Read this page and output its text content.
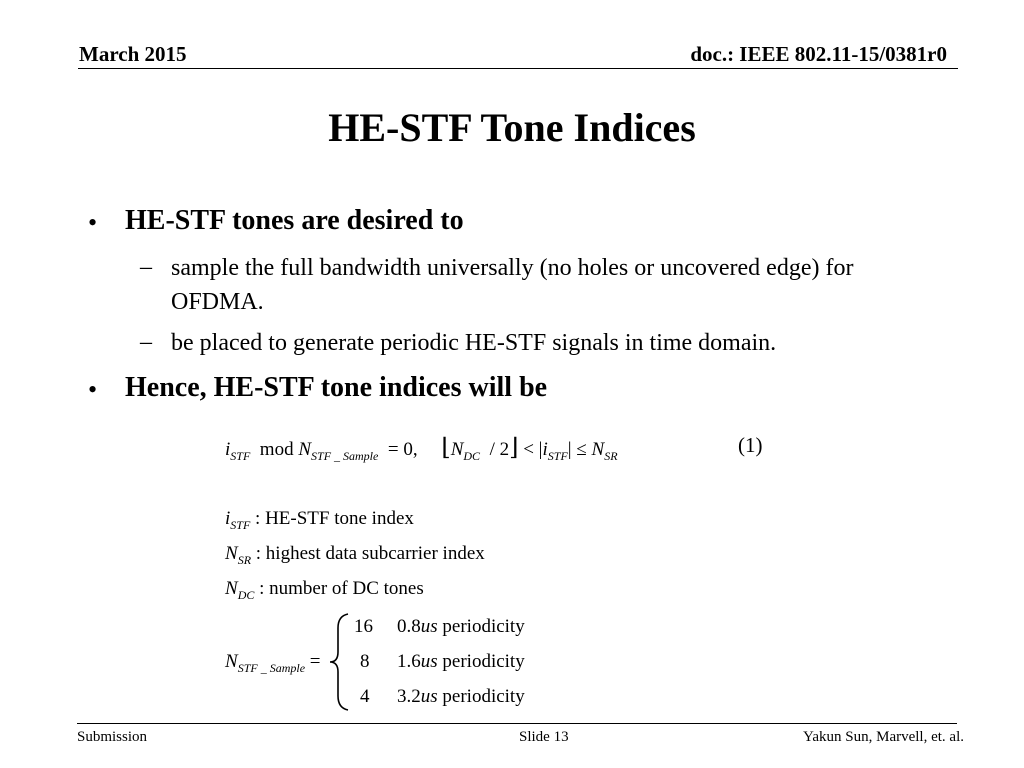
March 2015	doc.: IEEE 802.11-15/0381r0
HE-STF Tone Indices
• HE-STF tones are desired to
– sample the full bandwidth universally (no holes or uncovered edge) for OFDMA.
– be placed to generate periodic HE-STF signals in time domain.
• Hence, HE-STF tone indices will be
$i_{STF}$ mod $N_{STF \_ Sample} = 0$, $⌊N_{DC}$ / 2⌋ < $|i_{STF}| \le N_{SR}$	(1)
$i_{STF}$ : HE-STF tone index
$N_{SR}$ : highest data subcarrier index
$N_{DC}$ : number of DC tones
$N_{STF \_ Sample}$ =
16 0.8us periodicity
8 1.6us periodicity
4 3.2us periodicity
Submission	Slide 13	Yakun Sun, Marvell, et. al.
